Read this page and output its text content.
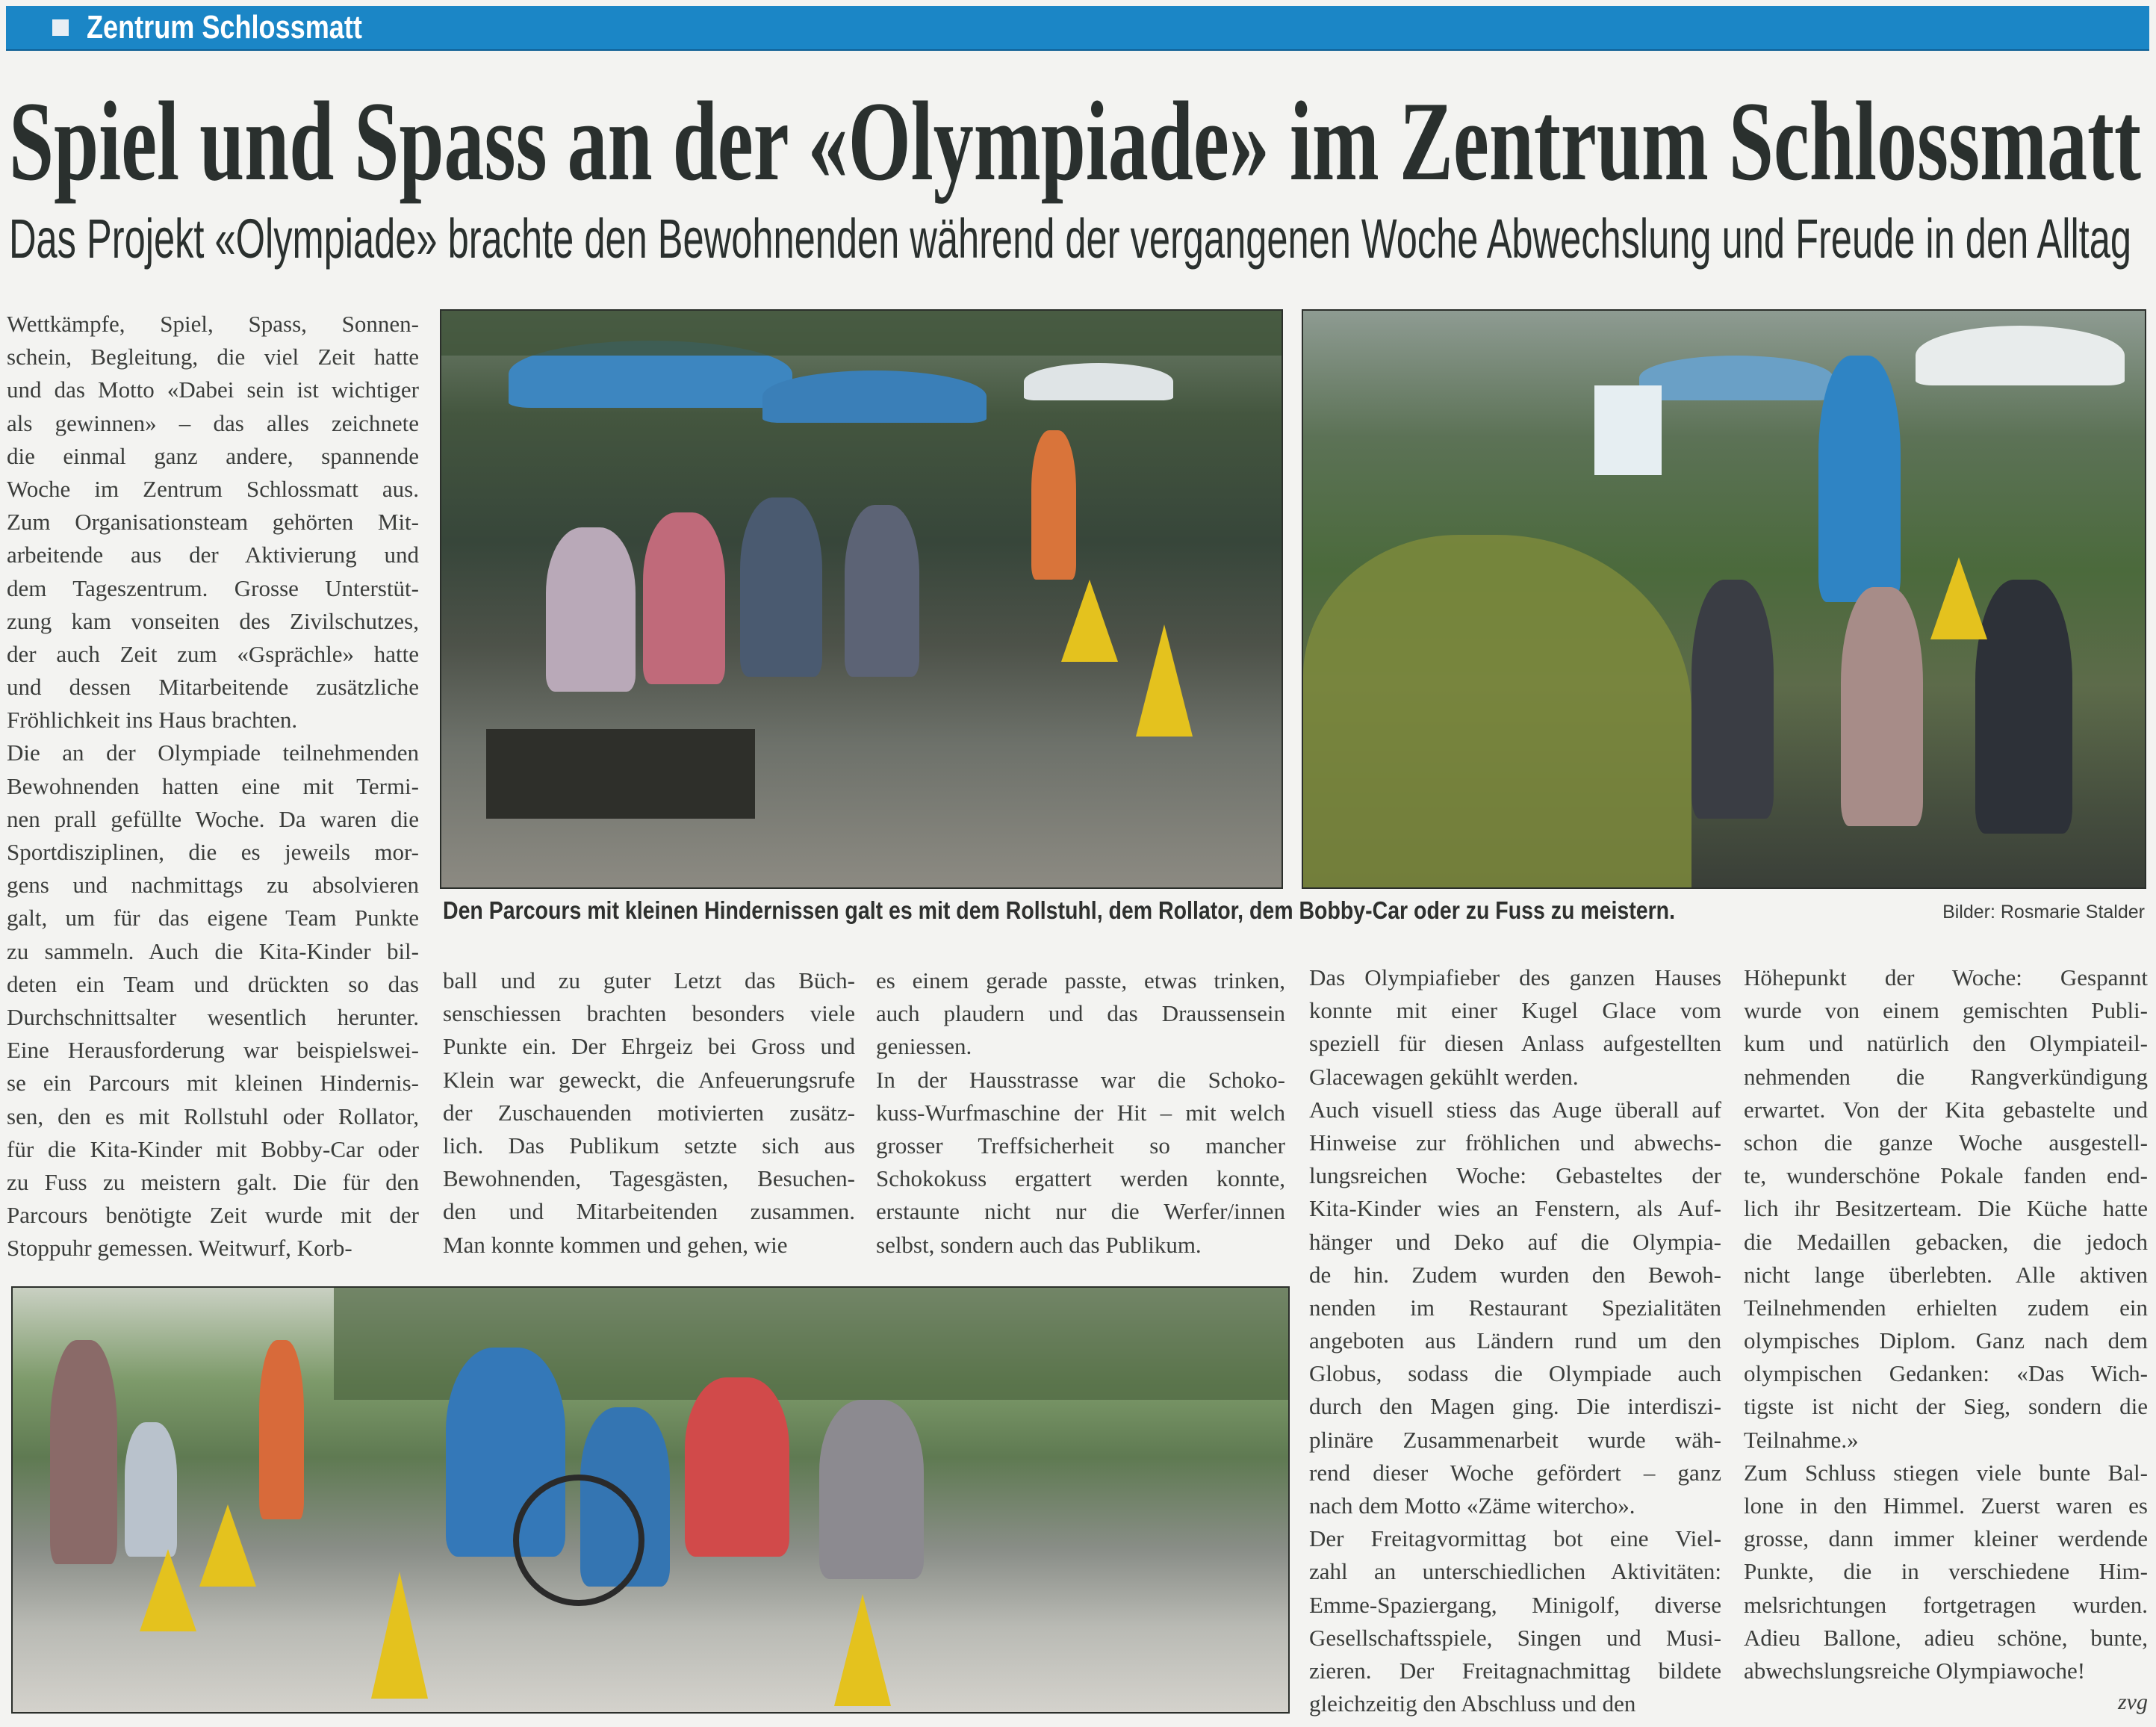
Zentrum Schlossmatt
Spiel und Spass an der «Olympiade» im Zentrum Schlossmatt
Das Projekt «Olympiade» brachte den Bewohnenden während der vergangenen Woche Abwechslung und Freude in den Alltag
Wettkämpfe, Spiel, Spass, Sonnen-
schein, Begleitung, die viel Zeit hatte
und das Motto «Dabei sein ist wichtiger
als gewinnen» – das alles zeichnete
die einmal ganz andere, spannende
Woche im Zentrum Schlossmatt aus.
Zum Organisationsteam gehörten Mit-
arbeitende aus der Aktivierung und
dem Tageszentrum. Grosse Unterstüt-
zung kam vonseiten des Zivilschutzes,
der auch Zeit zum «Gsprächle» hatte
und dessen Mitarbeitende zusätzliche
Fröhlichkeit ins Haus brachten.
Die an der Olympiade teilnehmenden
Bewohnenden hatten eine mit Termi-
nen prall gefüllte Woche. Da waren die
Sportdisziplinen, die es jeweils mor-
gens und nachmittags zu absolvieren
galt, um für das eigene Team Punkte
zu sammeln. Auch die Kita-Kinder bil-
deten ein Team und drückten so das
Durchschnittsalter wesentlich herunter.
Eine Herausforderung war beispielswei-
se ein Parcours mit kleinen Hindernis-
sen, den es mit Rollstuhl oder Rollator,
für die Kita-Kinder mit Bobby-Car oder
zu Fuss zu meistern galt. Die für den
Parcours benötigte Zeit wurde mit der
Stoppuhr gemessen. Weitwurf, Korb-
ball und zu guter Letzt das Büch-
senschiessen brachten besonders viele
Punkte ein. Der Ehrgeiz bei Gross und
Klein war geweckt, die Anfeuerungsrufe
der Zuschauenden motivierten zusätz-
lich. Das Publikum setzte sich aus
Bewohnenden, Tagesgästen, Besuchen-
den und Mitarbeitenden zusammen.
Man konnte kommen und gehen, wie
es einem gerade passte, etwas trinken,
auch plaudern und das Draussensein
geniessen.
In der Hausstrasse war die Schoko-
kuss-Wurfmaschine der Hit – mit welch
grosser Treffsicherheit so mancher
Schokokuss ergattert werden konnte,
erstaunte nicht nur die Werfer/innen
selbst, sondern auch das Publikum.
Das Olympiafieber des ganzen Hauses
konnte mit einer Kugel Glace vom
speziell für diesen Anlass aufgestellten
Glacewagen gekühlt werden.
Auch visuell stiess das Auge überall auf
Hinweise zur fröhlichen und abwechs-
lungsreichen Woche: Gebasteltes der
Kita-Kinder wies an Fenstern, als Auf-
hänger und Deko auf die Olympia-
de hin. Zudem wurden den Bewoh-
nenden im Restaurant Spezialitäten
angeboten aus Ländern rund um den
Globus, sodass die Olympiade auch
durch den Magen ging. Die interdiszi-
plinäre Zusammenarbeit wurde wäh-
rend dieser Woche gefördert – ganz
nach dem Motto «Zäme witercho».
Der Freitagvormittag bot eine Viel-
zahl an unterschiedlichen Aktivitäten:
Emme-Spaziergang, Minigolf, diverse
Gesellschaftsspiele, Singen und Musi-
zieren. Der Freitagnachmittag bildete
gleichzeitig den Abschluss und den
Höhepunkt der Woche: Gespannt
wurde von einem gemischten Publi-
kum und natürlich den Olympiateil-
nehmenden die Rangverkündigung
erwartet. Von der Kita gebastelte und
schon die ganze Woche ausgestell-
te, wunderschöne Pokale fanden end-
lich ihr Besitzerteam. Die Küche hatte
die Medaillen gebacken, die jedoch
nicht lange überlebten. Alle aktiven
Teilnehmenden erhielten zudem ein
olympisches Diplom. Ganz nach dem
olympischen Gedanken: «Das Wich-
tigste ist nicht der Sieg, sondern die
Teilnahme.»
Zum Schluss stiegen viele bunte Bal-
lone in den Himmel. Zuerst waren es
grosse, dann immer kleiner werdende
Punkte, die in verschiedene Him-
melsrichtungen fortgetragen wurden.
Adieu Ballone, adieu schöne, bunte,
abwechslungsreiche Olympiawoche!
zvg
Den Parcours mit kleinen Hindernissen galt es mit dem Rollstuhl, dem Rollator, dem Bobby-Car oder zu Fuss zu meistern.	Bilder: Rosmarie Stalder
